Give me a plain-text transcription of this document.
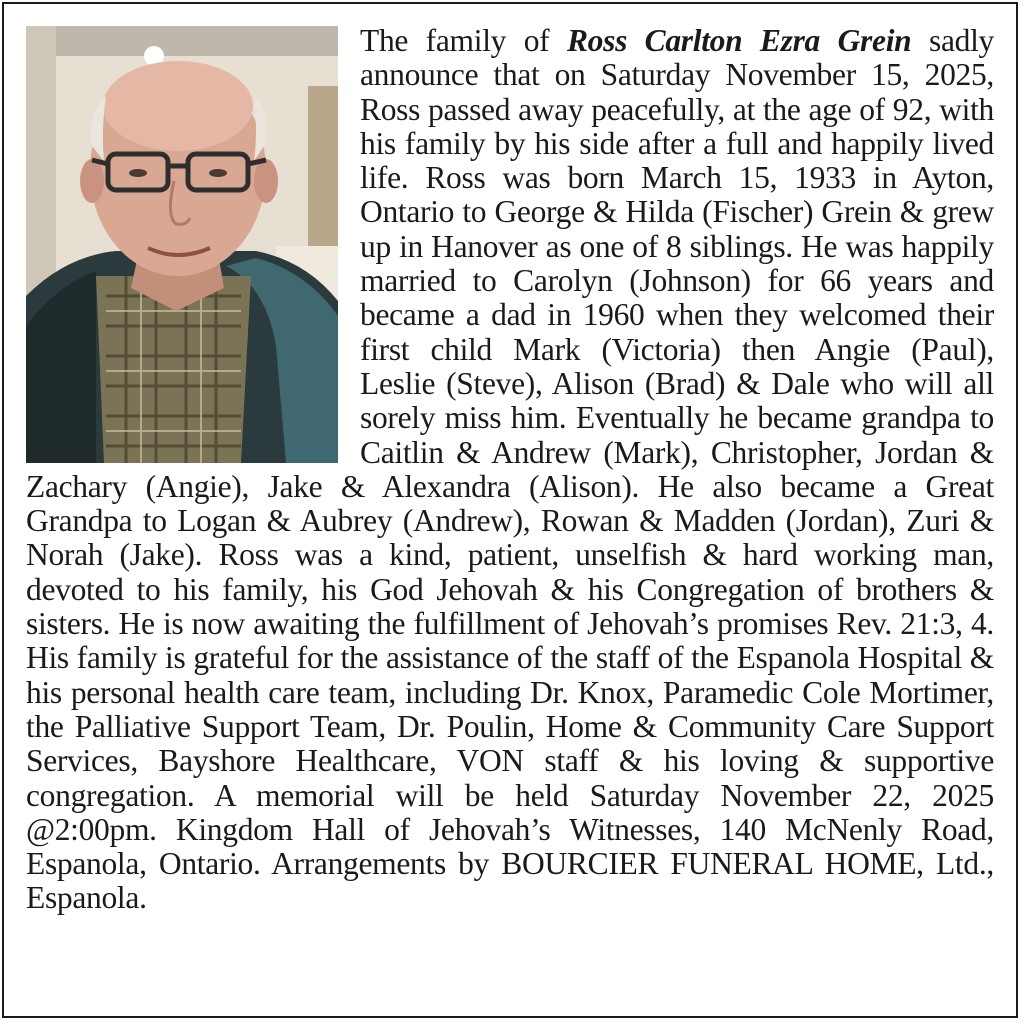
The family of Ross Carlton Ezra Grein sadly announce that on Saturday November 15, 2025, Ross passed away peacefully, at the age of 92, with his family by his side after a full and happily lived life. Ross was born March 15, 1933 in Ayton, Ontario to George & Hilda (Fischer) Grein & grew up in Hanover as one of 8 siblings. He was happily married to Carolyn (Johnson) for 66 years and became a dad in 1960 when they welcomed their first child Mark (Victoria) then Angie (Paul), Leslie (Steve), Alison (Brad) & Dale who will all sorely miss him. Eventually he became grandpa to Caitlin & Andrew (Mark), Christopher, Jordan & Zachary (Angie), Jake & Alexandra (Alison). He also became a Great Grandpa to Logan & Aubrey (Andrew), Rowan & Madden (Jordan), Zuri & Norah (Jake). Ross was a kind, patient, unselfish & hard working man, devoted to his family, his God Jehovah & his Congregation of brothers & sisters. He is now awaiting the fulfillment of Jehovah’s promises Rev. 21:3, 4. His family is grateful for the assistance of the staff of the Espanola Hospital & his personal health care team, including Dr. Knox, Paramedic Cole Mortimer, the Palliative Support Team, Dr. Poulin, Home & Community Care Support Services, Bayshore Healthcare, VON staff & his loving & supportive congregation. A memorial will be held Saturday November 22, 2025 @2:00pm. Kingdom Hall of Jehovah’s Witnesses, 140 McNenly Road, Espanola, Ontario. Arrangements by BOURCIER FUNERAL HOME, Ltd., Espanola.
